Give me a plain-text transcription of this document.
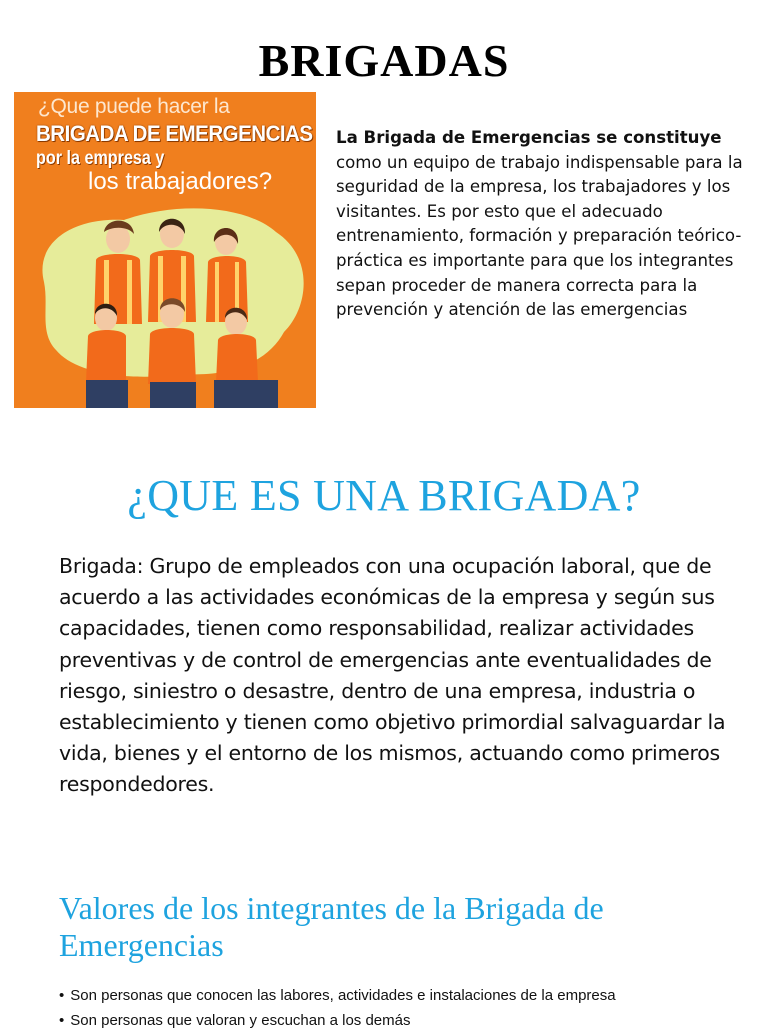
BRIGADAS
¿Que puede hacer la
BRIGADA DE EMERGENCIAS
por la empresa y
los trabajadores?
La Brigada de Emergencias se constituye como un equipo de trabajo indispensable para la seguridad de la empresa, los trabajadores y los visitantes. Es por esto que el adecuado entrenamiento, formación y preparación teórico-práctica es importante para que los integrantes sepan proceder de manera correcta para la prevención y atención de las emergencias
¿QUE ES UNA BRIGADA?
Brigada: Grupo de empleados con una ocupación laboral, que de acuerdo a las actividades económicas de la empresa y según sus capacidades, tienen como responsabilidad, realizar actividades preventivas y de control de emergencias ante eventualidades de riesgo, siniestro o desastre, dentro de una empresa, industria o establecimiento y tienen como objetivo primordial salvaguardar la vida, bienes y el entorno de los mismos, actuando como primeros respondedores.
Valores de los integrantes de la Brigada de Emergencias
• Son personas que conocen las labores, actividades e instalaciones de la empresa
• Son personas que valoran y escuchan a los demás
